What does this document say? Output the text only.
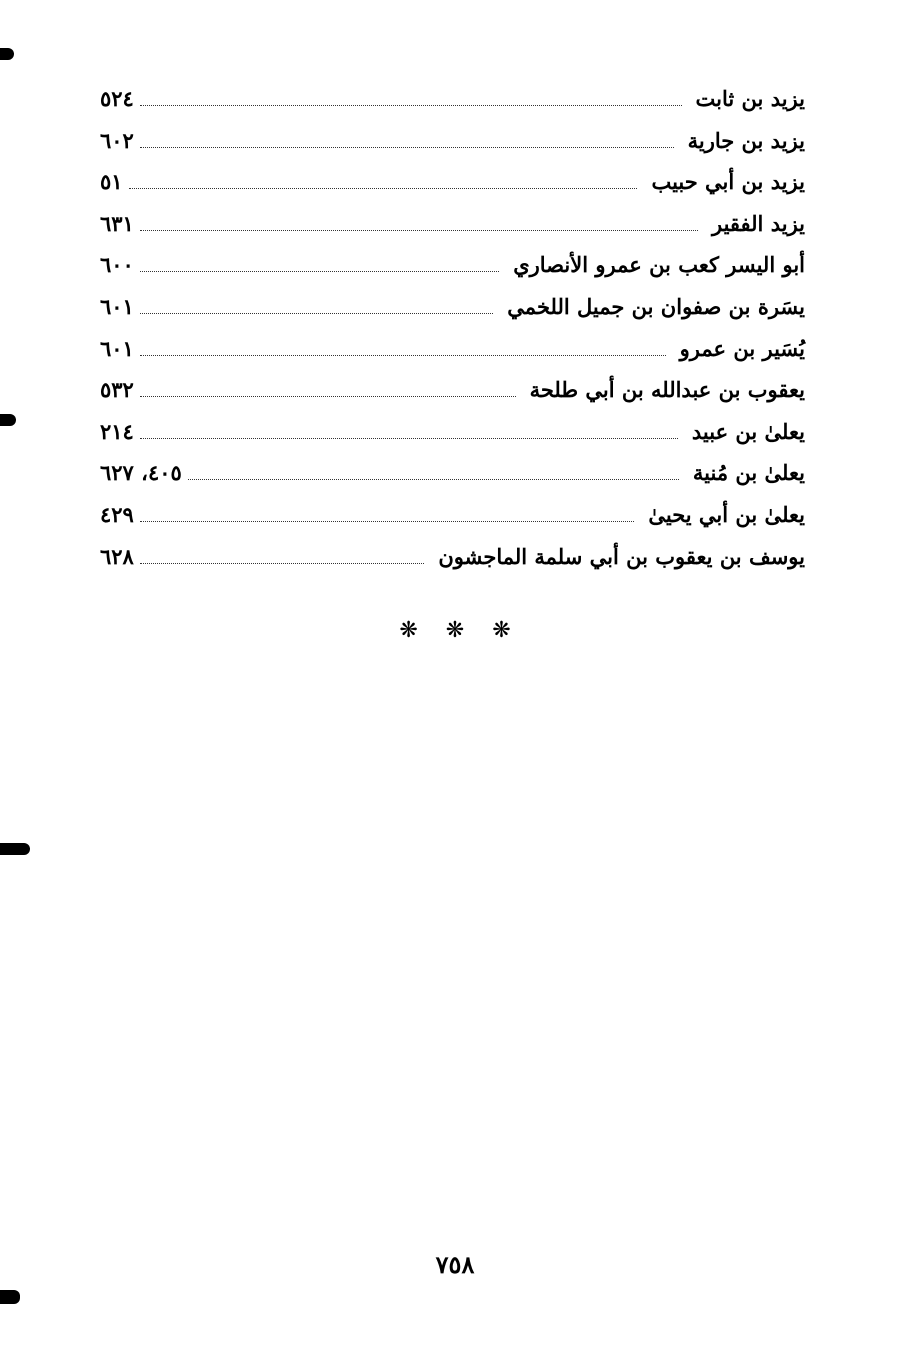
يزيد بن ثابت
٥٢٤
يزيد بن جارية
٦٠٢
يزيد بن أبي حبيب
٥١
يزيد الفقير
٦٣١
أبو اليسر كعب بن عمرو الأنصاري
٦٠٠
يسَرة بن صفوان بن جميل اللخمي
٦٠١
يُسَير بن عمرو
٦٠١
يعقوب بن عبدالله بن أبي طلحة
٥٣٢
يعلىٰ بن عبيد
٢١٤
يعلىٰ بن مُنية
٤٠٥، ٦٢٧
يعلىٰ بن أبي يحيىٰ
٤٢٩
يوسف بن يعقوب بن أبي سلمة الماجشون
٦٢٨
❋❋❋
٧٥٨
